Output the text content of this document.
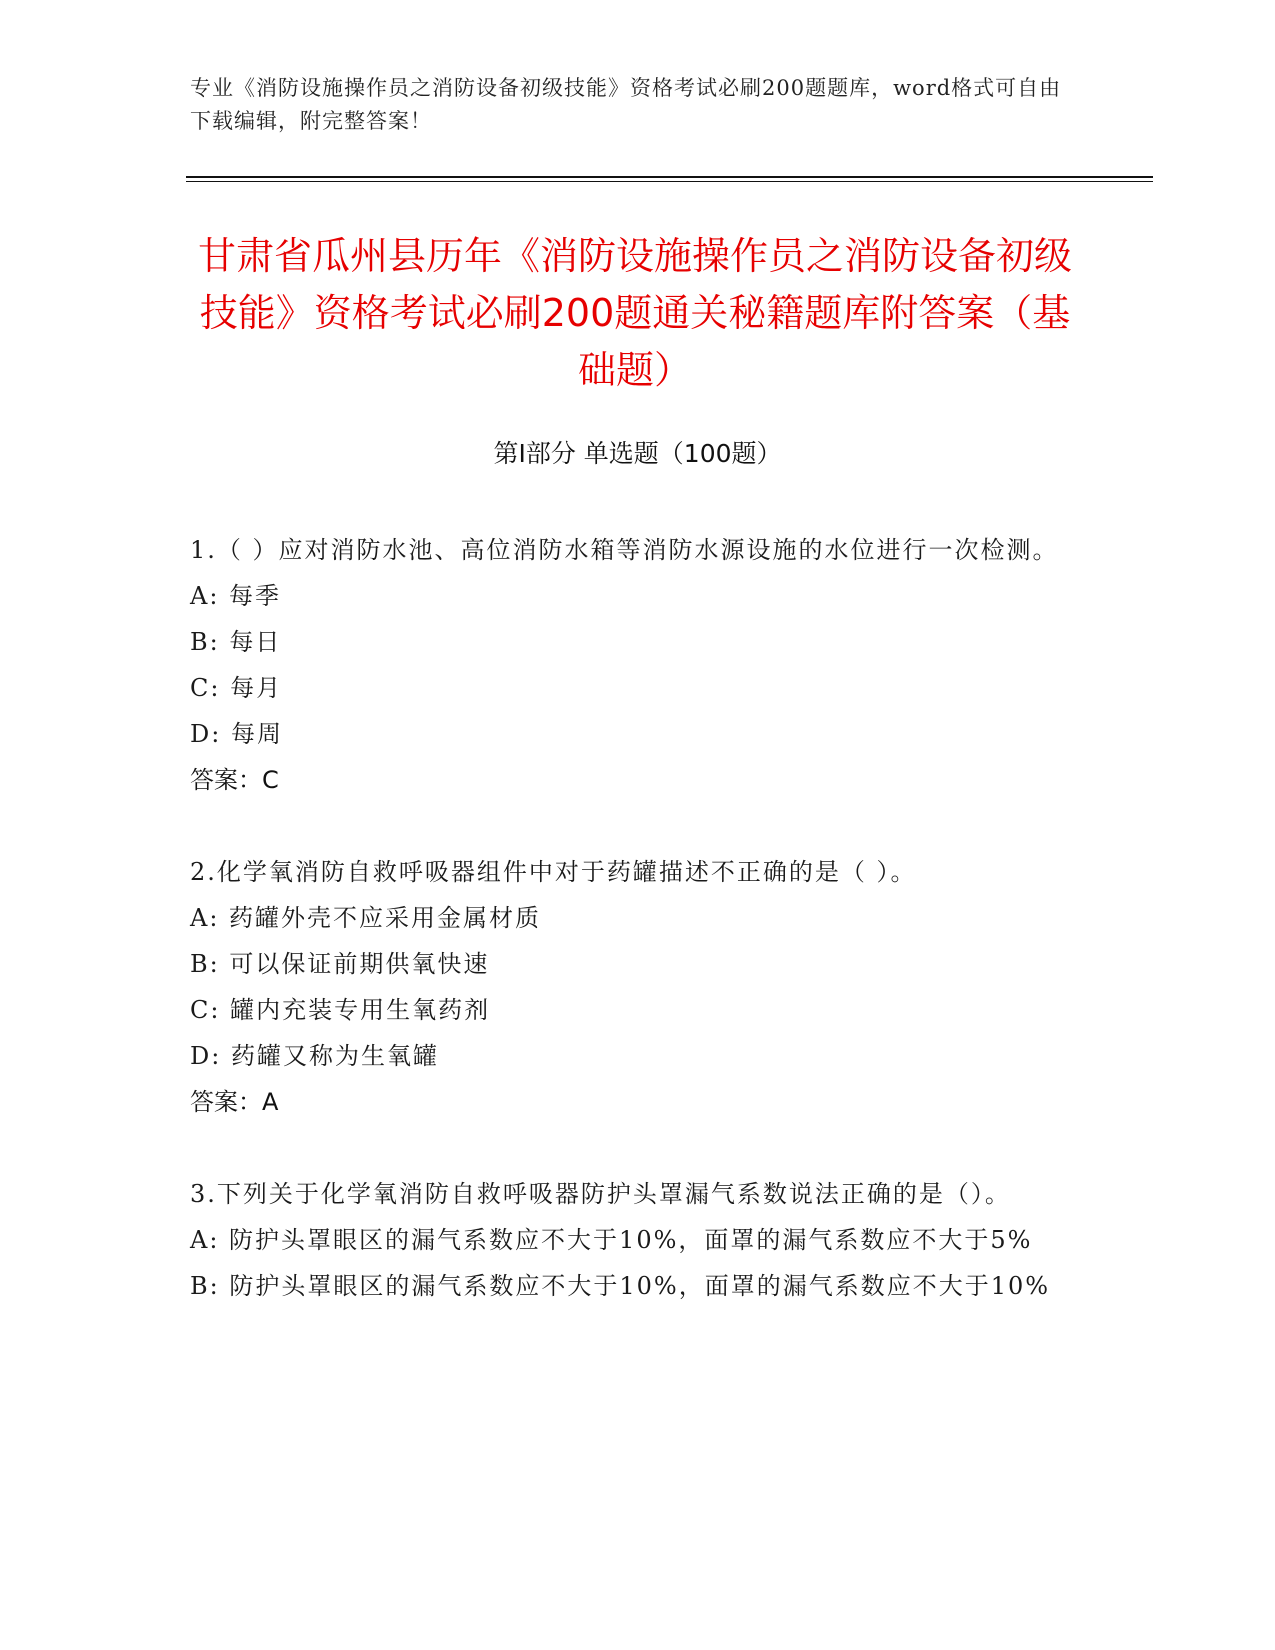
专业《消防设施操作员之消防设备初级技能》资格考试必刷200题题库，word格式可自由下载编辑，附完整答案！
甘肃省瓜州县历年《消防设施操作员之消防设备初级技能》资格考试必刷200题通关秘籍题库附答案（基础题）
第I部分 单选题（100题）
1.（ ）应对消防水池、高位消防水箱等消防水源设施的水位进行一次检测。
A: 每季
B: 每日
C: 每月
D: 每周
答案：C
2.化学氧消防自救呼吸器组件中对于药罐描述不正确的是（ ）。
A: 药罐外壳不应采用金属材质
B: 可以保证前期供氧快速
C: 罐内充装专用生氧药剂
D: 药罐又称为生氧罐
答案：A
3.下列关于化学氧消防自救呼吸器防护头罩漏气系数说法正确的是（）。
A: 防护头罩眼区的漏气系数应不大于10%，面罩的漏气系数应不大于5%
B: 防护头罩眼区的漏气系数应不大于10%，面罩的漏气系数应不大于10%
